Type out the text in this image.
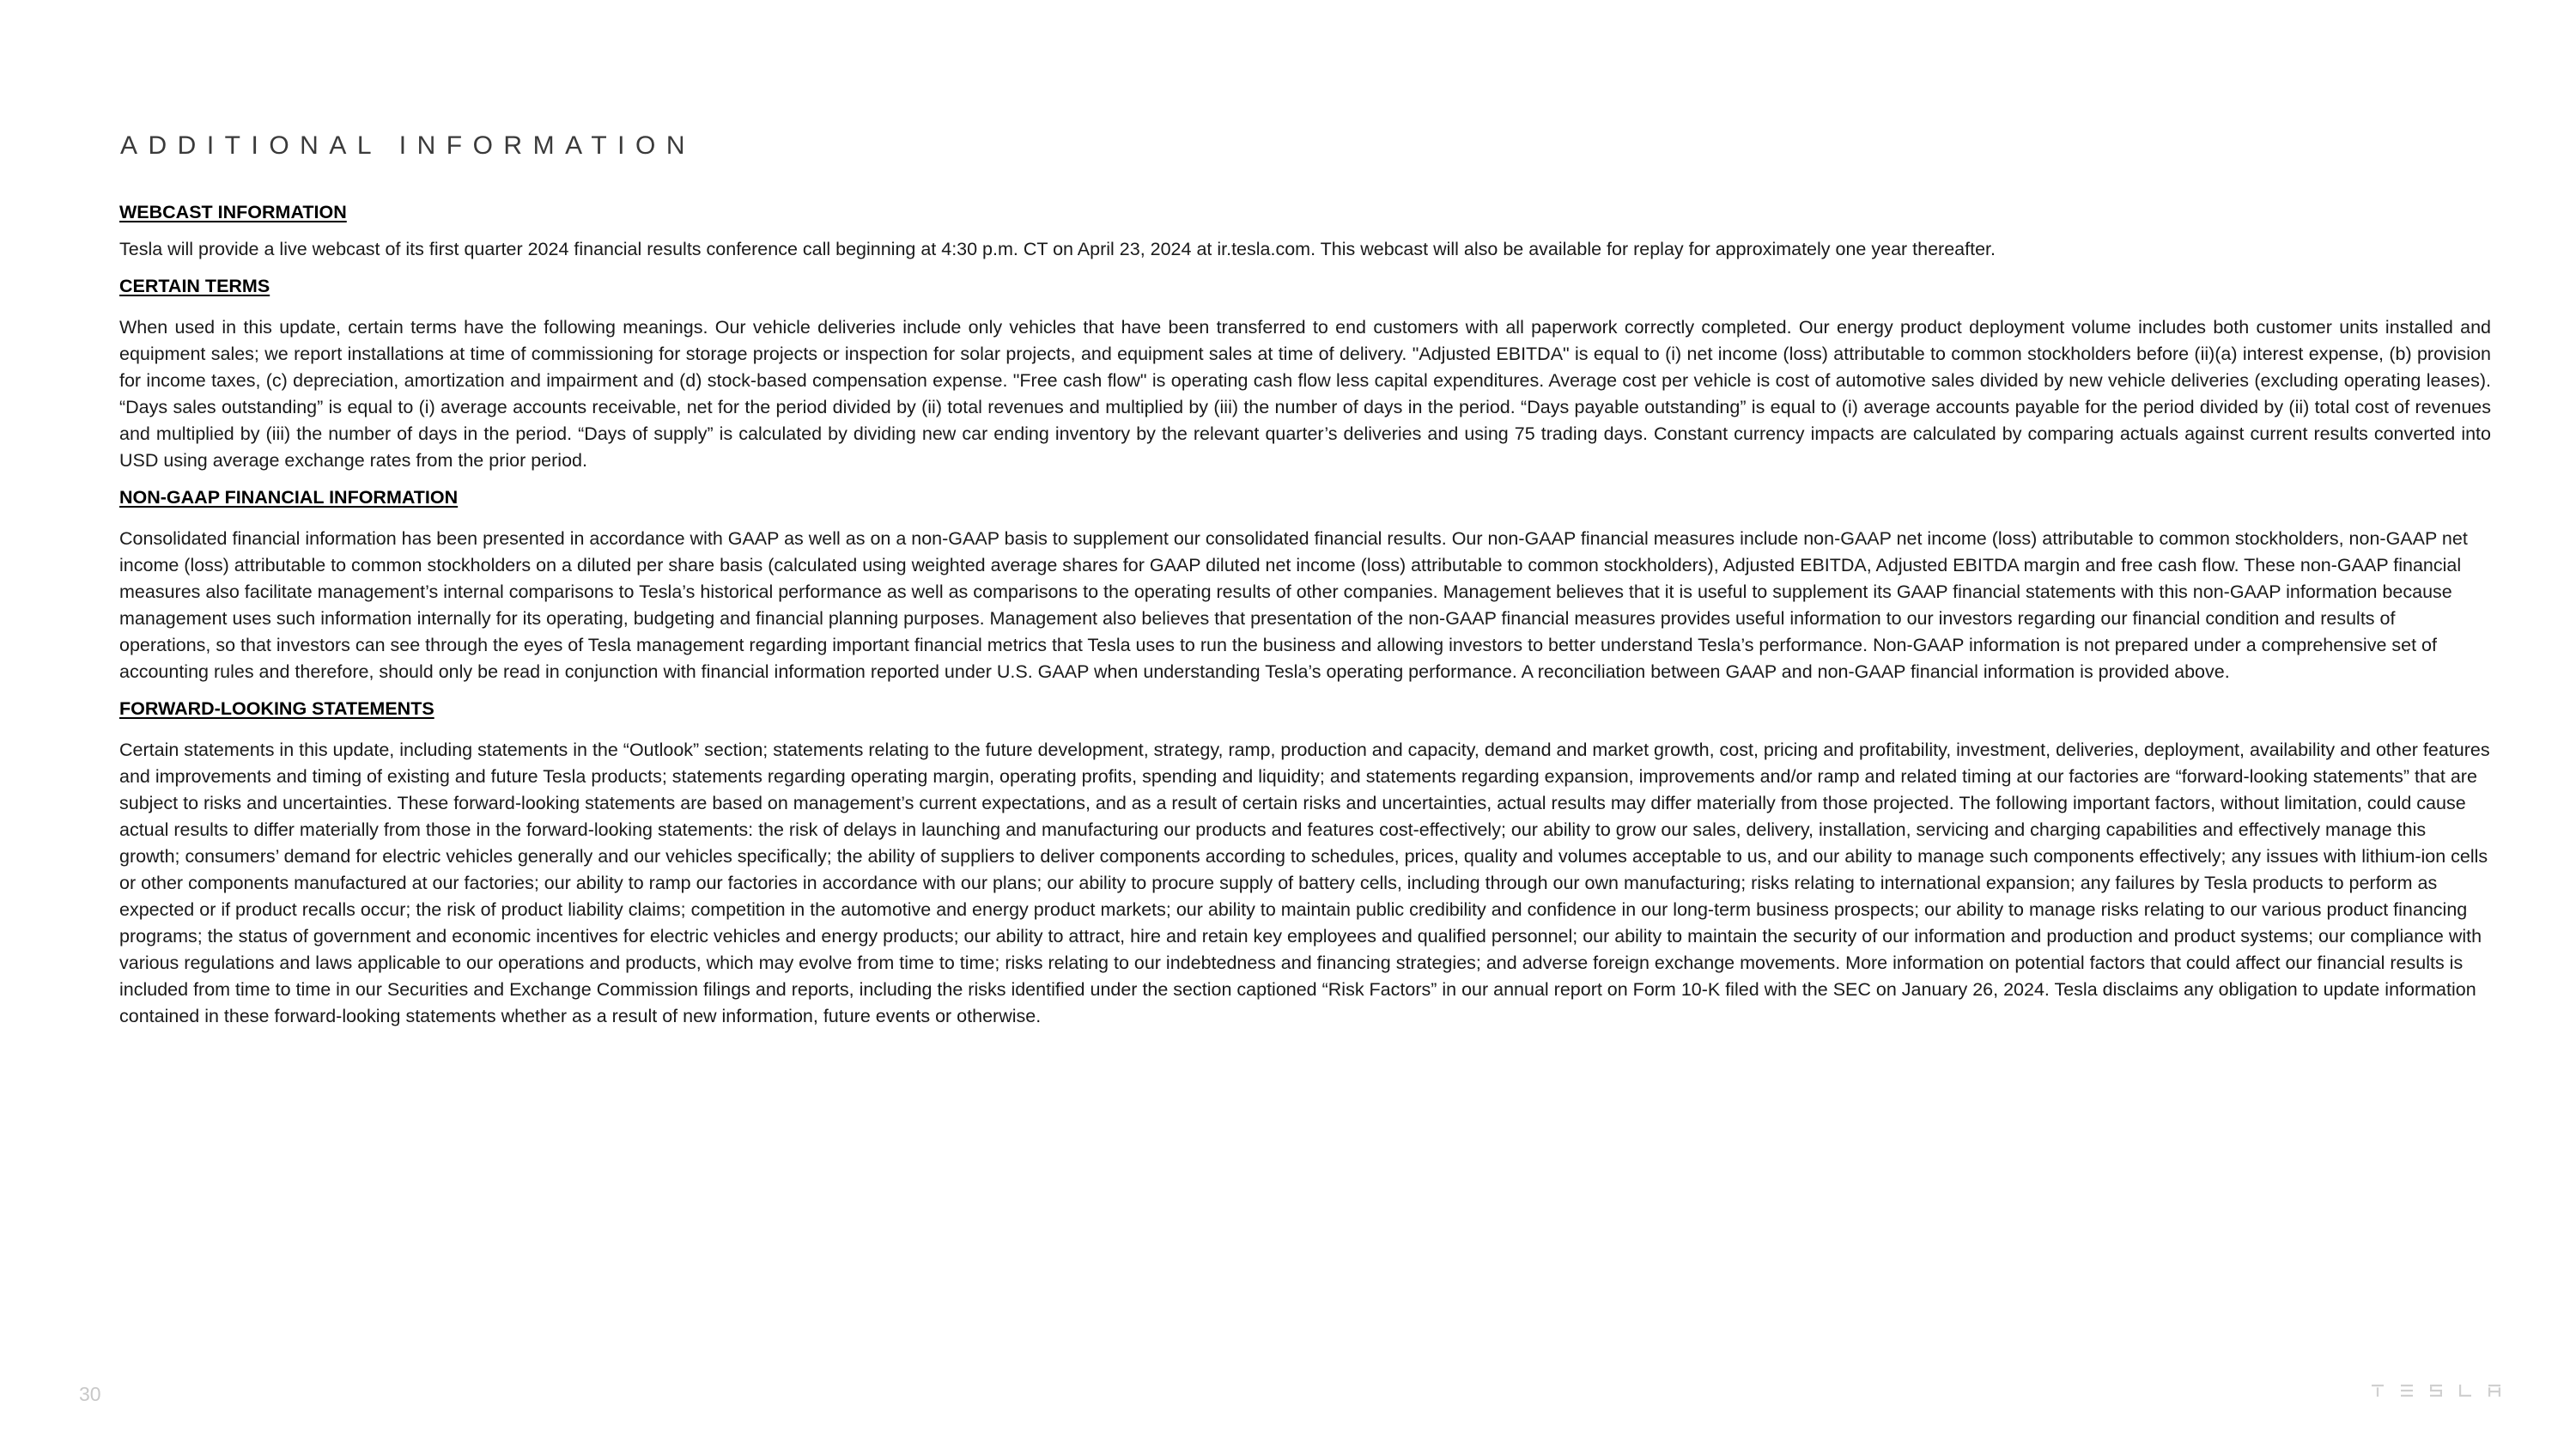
ADDITIONAL INFORMATION
WEBCAST INFORMATION
Tesla will provide a live webcast of its first quarter 2024 financial results conference call beginning at 4:30 p.m. CT on April 23, 2024 at ir.tesla.com. This webcast will also be available for replay for approximately one year thereafter.
CERTAIN TERMS
When used in this update, certain terms have the following meanings. Our vehicle deliveries include only vehicles that have been transferred to end customers with all paperwork correctly completed. Our energy product deployment volume includes both customer units installed and equipment sales; we report installations at time of commissioning for storage projects or inspection for solar projects, and equipment sales at time of delivery. "Adjusted EBITDA" is equal to (i) net income (loss) attributable to common stockholders before (ii)(a) interest expense, (b) provision for income taxes, (c) depreciation, amortization and impairment and (d) stock-based compensation expense. "Free cash flow" is operating cash flow less capital expenditures. Average cost per vehicle is cost of automotive sales divided by new vehicle deliveries (excluding operating leases). “Days sales outstanding” is equal to (i) average accounts receivable, net for the period divided by (ii) total revenues and multiplied by (iii) the number of days in the period. “Days payable outstanding” is equal to (i) average accounts payable for the period divided by (ii) total cost of revenues and multiplied by (iii) the number of days in the period. “Days of supply” is calculated by dividing new car ending inventory by the relevant quarter’s deliveries and using 75 trading days. Constant currency impacts are calculated by comparing actuals against current results converted into USD using average exchange rates from the prior period.
NON-GAAP FINANCIAL INFORMATION
Consolidated financial information has been presented in accordance with GAAP as well as on a non-GAAP basis to supplement our consolidated financial results. Our non-GAAP financial measures include non-GAAP net income (loss) attributable to common stockholders, non-GAAP net income (loss) attributable to common stockholders on a diluted per share basis (calculated using weighted average shares for GAAP diluted net income (loss) attributable to common stockholders), Adjusted EBITDA, Adjusted EBITDA margin and free cash flow. These non-GAAP financial measures also facilitate management’s internal comparisons to Tesla’s historical performance as well as comparisons to the operating results of other companies. Management believes that it is useful to supplement its GAAP financial statements with this non-GAAP information because management uses such information internally for its operating, budgeting and financial planning purposes. Management also believes that presentation of the non-GAAP financial measures provides useful information to our investors regarding our financial condition and results of operations, so that investors can see through the eyes of Tesla management regarding important financial metrics that Tesla uses to run the business and allowing investors to better understand Tesla’s performance. Non-GAAP information is not prepared under a comprehensive set of accounting rules and therefore, should only be read in conjunction with financial information reported under U.S. GAAP when understanding Tesla’s operating performance. A reconciliation between GAAP and non-GAAP financial information is provided above.
FORWARD-LOOKING STATEMENTS
Certain statements in this update, including statements in the “Outlook” section; statements relating to the future development, strategy, ramp, production and capacity, demand and market growth, cost, pricing and profitability, investment, deliveries, deployment, availability and other features and improvements and timing of existing and future Tesla products; statements regarding operating margin, operating profits, spending and liquidity; and statements regarding expansion, improvements and/or ramp and related timing at our factories are “forward-looking statements” that are subject to risks and uncertainties. These forward-looking statements are based on management’s current expectations, and as a result of certain risks and uncertainties, actual results may differ materially from those projected. The following important factors, without limitation, could cause actual results to differ materially from those in the forward-looking statements: the risk of delays in launching and manufacturing our products and features cost-effectively; our ability to grow our sales, delivery, installation, servicing and charging capabilities and effectively manage this growth; consumers’ demand for electric vehicles generally and our vehicles specifically; the ability of suppliers to deliver components according to schedules, prices, quality and volumes acceptable to us, and our ability to manage such components effectively; any issues with lithium-ion cells or other components manufactured at our factories; our ability to ramp our factories in accordance with our plans; our ability to procure supply of battery cells, including through our own manufacturing; risks relating to international expansion; any failures by Tesla products to perform as expected or if product recalls occur; the risk of product liability claims; competition in the automotive and energy product markets; our ability to maintain public credibility and confidence in our long-term business prospects; our ability to manage risks relating to our various product financing programs; the status of government and economic incentives for electric vehicles and energy products; our ability to attract, hire and retain key employees and qualified personnel; our ability to maintain the security of our information and production and product systems; our compliance with various regulations and laws applicable to our operations and products, which may evolve from time to time; risks relating to our indebtedness and financing strategies; and adverse foreign exchange movements. More information on potential factors that could affect our financial results is included from time to time in our Securities and Exchange Commission filings and reports, including the risks identified under the section captioned “Risk Factors” in our annual report on Form 10-K filed with the SEC on January 26, 2024. Tesla disclaims any obligation to update information contained in these forward-looking statements whether as a result of new information, future events or otherwise.
30
